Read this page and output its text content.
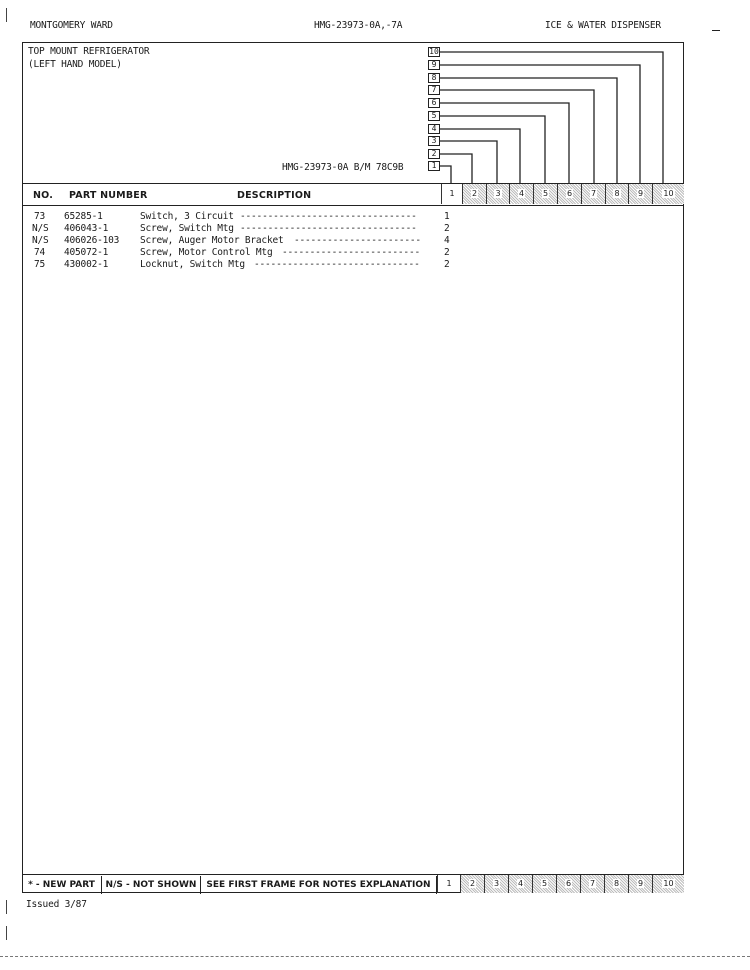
MONTGOMERY WARD	HMG-23973-0A,-7A	ICE & WATER DISPENSER
TOP MOUNT REFRIGERATOR
(LEFT HAND MODEL)
HMG-23973-0A B/M 78C9B
10
9
8
7
6
5
4
3
2
1
NO. PART NUMBER	DESCRIPTION	1	2	3	4	5	6	7	8	9	10
73 65285-1	Switch, 3 Circuit --------------------------------	1
N/S 406043-1	Screw, Switch Mtg --------------------------------	2
N/S 406026-103 Screw, Auger Motor Bracket ----------------------- 4
74 405072-1	Screw, Motor Control Mtg -------------------------	2
75 430002-1	Locknut, Switch Mtg ------------------------------	2
* - NEW PART	N/S - NOT SHOWN	SEE FIRST FRAME FOR NOTES EXPLANATION	1	2	3	4	5	6	7	8	9	10
Issued 3/87
